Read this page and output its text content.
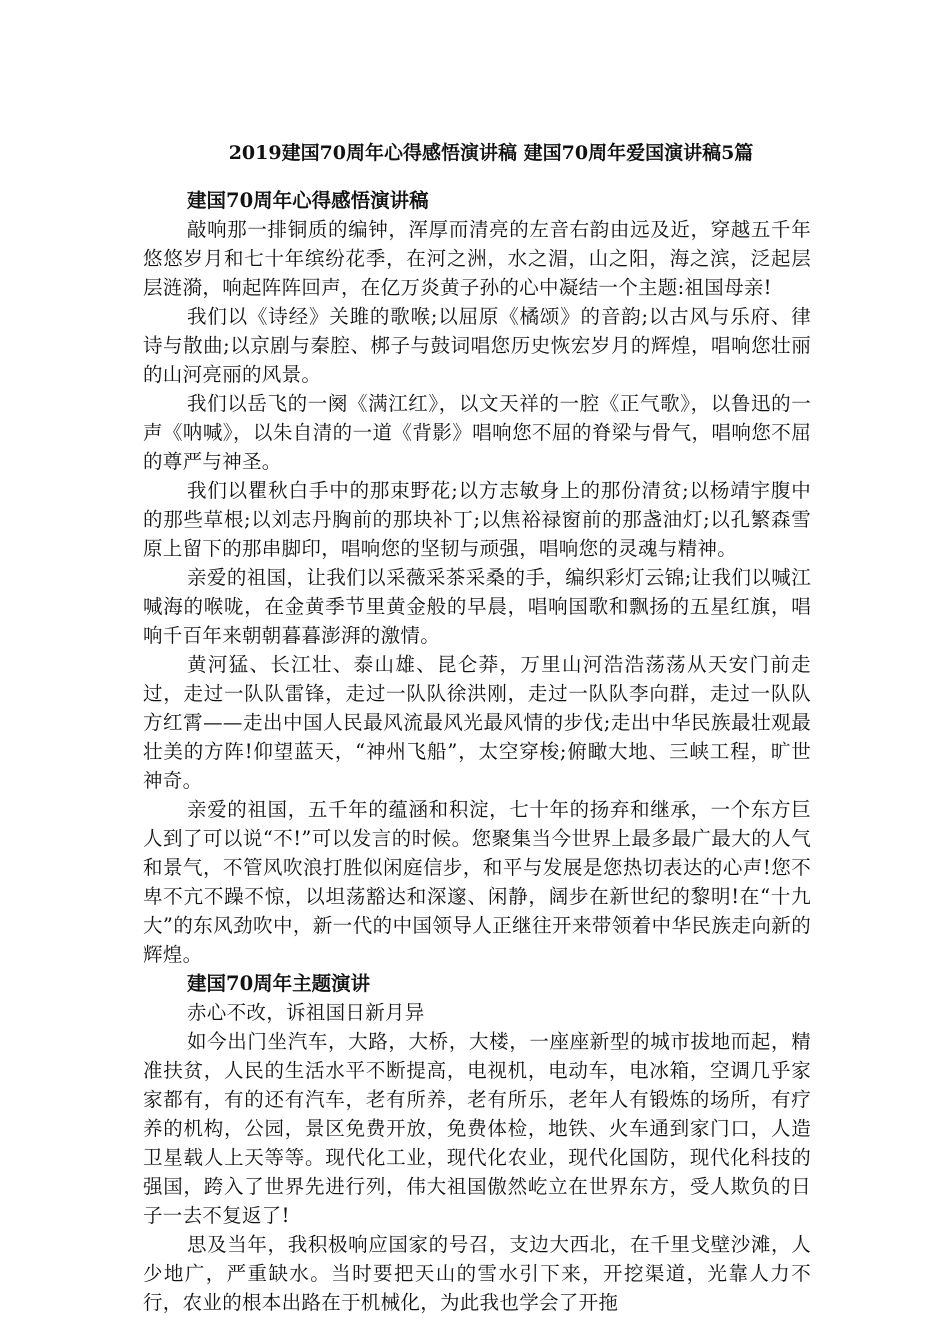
2019建国70周年心得感悟演讲稿 建国70周年爱国演讲稿5篇
建国70周年心得感悟演讲稿

敲响那一排铜质的编钟，浑厚而清亮的左音右韵由远及近，穿越五千年悠悠岁月和七十年缤纷花季，在河之洲，水之湄，山之阳，海之滨，泛起层层涟漪，响起阵阵回声，在亿万炎黄子孙的心中凝结一个主题:祖国母亲!

我们以《诗经》关雎的歌喉;以屈原《橘颂》的音韵;以古风与乐府、律诗与散曲;以京剧与秦腔、梆子与鼓词唱您历史恢宏岁月的辉煌，唱响您壮丽的山河亮丽的风景。

我们以岳飞的一阕《满江红》，以文天祥的一腔《正气歌》，以鲁迅的一声《呐喊》，以朱自清的一道《背影》唱响您不屈的脊梁与骨气，唱响您不屈的尊严与神圣。

我们以瞿秋白手中的那束野花;以方志敏身上的那份清贫;以杨靖宇腹中的那些草根;以刘志丹胸前的那块补丁;以焦裕禄窗前的那盏油灯;以孔繁森雪原上留下的那串脚印，唱响您的坚韧与顽强，唱响您的灵魂与精神。

亲爱的祖国，让我们以采薇采茶采桑的手，编织彩灯云锦;让我们以喊江喊海的喉咙，在金黄季节里黄金般的早晨，唱响国歌和飘扬的五星红旗，唱响千百年来朝朝暮暮澎湃的激情。

黄河猛、长江壮、泰山雄、昆仑莽，万里山河浩浩荡荡从天安门前走过，走过一队队雷锋，走过一队队徐洪刚，走过一队队李向群，走过一队队方红霄——走出中国人民最风流最风光最风情的步伐;走出中华民族最壮观最壮美的方阵!仰望蓝天，“神州飞船”，太空穿梭;俯瞰大地、三峡工程，旷世神奇。

亲爱的祖国，五千年的蕴涵和积淀，七十年的扬弃和继承，一个东方巨人到了可以说“不!”可以发言的时候。您聚集当今世界上最多最广最大的人气和景气，不管风吹浪打胜似闲庭信步，和平与发展是您热切表达的心声!您不卑不亢不躁不惊，以坦荡豁达和深邃、闲静，阔步在新世纪的黎明!在“十九大”的东风劲吹中，新一代的中国领导人正继往开来带领着中华民族走向新的辉煌。

建国70周年主题演讲

赤心不改，诉祖国日新月异

如今出门坐汽车，大路，大桥，大楼，一座座新型的城市拔地而起，精准扶贫，人民的生活水平不断提高，电视机，电动车，电冰箱，空调几乎家家都有，有的还有汽车，老有所养，老有所乐，老年人有锻炼的场所，有疗养的机构，公园，景区免费开放，免费体检，地铁、火车通到家门口，人造卫星载人上天等等。现代化工业，现代化农业，现代化国防，现代化科技的强国，跨入了世界先进行列，伟大祖国傲然屹立在世界东方，受人欺负的日子一去不复返了!

思及当年，我积极响应国家的号召，支边大西北，在千里戈壁沙滩，人少地广，严重缺水。当时要把天山的雪水引下来，开挖渠道，光靠人力不行，农业的根本出路在于机械化，为此我也学会了开拖
